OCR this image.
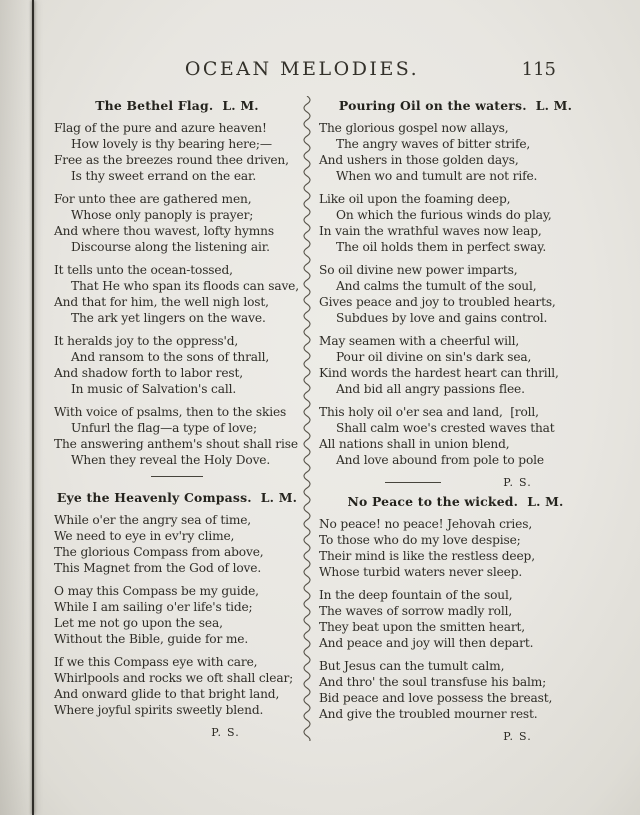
OCEAN MELODIES.	115
The Bethel Flag. L. M.
Flag of the pure and azure heaven!
How lovely is thy bearing here;—
Free as the breezes round thee driven,
Is thy sweet errand on the ear.
For unto thee are gathered men,
Whose only panoply is prayer;
And where thou wavest, lofty hymns
Discourse along the listening air.
It tells unto the ocean-tossed,
That He who span its floods can save,
And that for him, the well nigh lost,
The ark yet lingers on the wave.
It heralds joy to the oppress'd,
And ransom to the sons of thrall,
And shadow forth to labor rest,
In music of Salvation's call.
With voice of psalms, then to the skies
Unfurl the flag—a type of love;
The answering anthem's shout shall rise
When they reveal the Holy Dove.
Eye the Heavenly Compass. L. M.
While o'er the angry sea of time,
We need to eye in ev'ry clime,
The glorious Compass from above,
This Magnet from the God of love.
O may this Compass be my guide,
While I am sailing o'er life's tide;
Let me not go upon the sea,
Without the Bible, guide for me.
If we this Compass eye with care,
Whirlpools and rocks we oft shall clear;
And onward glide to that bright land,
Where joyful spirits sweetly blend.
P. S.
Pouring Oil on the waters. L. M.
The glorious gospel now allays,
The angry waves of bitter strife,
And ushers in those golden days,
When wo and tumult are not rife.
Like oil upon the foaming deep,
On which the furious winds do play,
In vain the wrathful waves now leap,
The oil holds them in perfect sway.
So oil divine new power imparts,
And calms the tumult of the soul,
Gives peace and joy to troubled hearts,
Subdues by love and gains control.
May seamen with a cheerful will,
Pour oil divine on sin's dark sea,
Kind words the hardest heart can thrill,
And bid all angry passions flee.
This holy oil o'er sea and land,  [roll,
Shall calm woe's crested waves that
All nations shall in union blend,
And love abound from pole to pole
P. S.
No Peace to the wicked. L. M.
No peace! no peace! Jehovah cries,
To those who do my love despise;
Their mind is like the restless deep,
Whose turbid waters never sleep.
In the deep fountain of the soul,
The waves of sorrow madly roll,
They beat upon the smitten heart,
And peace and joy will then depart.
But Jesus can the tumult calm,
And thro' the soul transfuse his balm;
Bid peace and love possess the breast,
And give the troubled mourner rest.
P. S.
